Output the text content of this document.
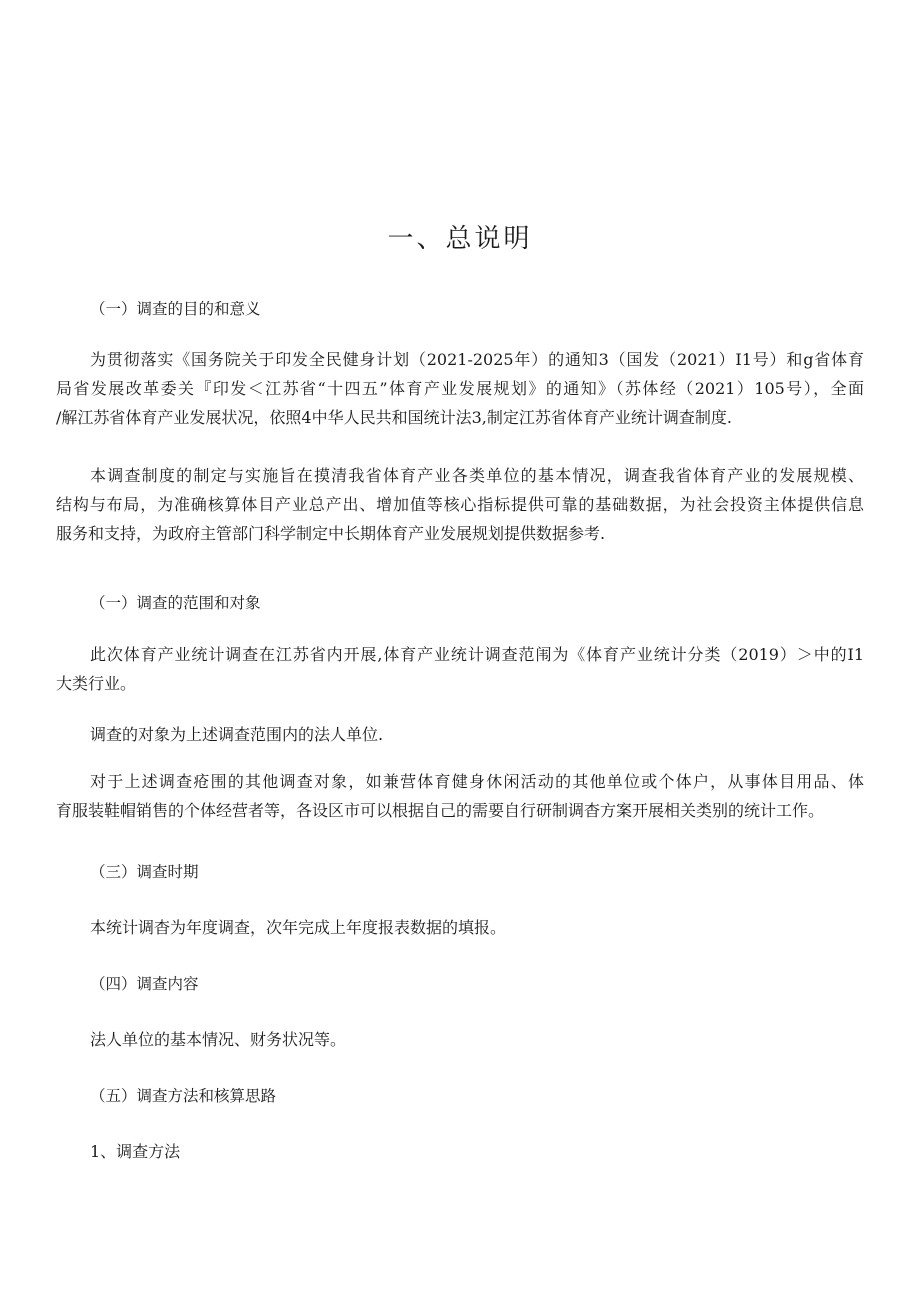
一、总说明

（一）调查的目的和意义

为贯彻落实《国务院关于印发全民健身计划（2021-2025年）的通知3（国发（2021）I1号）和g省体育
局省发展改革委关『印发＜江苏省“十四五”体育产业发展规划》的通知》（苏体经（2021）105号），全面
/解江苏省体育产业发展状况，依照4中华人民共和国统计法3,制定江苏省体育产业统计调查制度.
本调查制度的制定与实施旨在摸清我省体育产业各类单位的基本情况，调查我省体育产业的发展规模、
结构与布局，为准确核算体目产业总产出、增加值等核心指标提供可靠的基础数据，为社会投资主体提供信息
服务和支持，为政府主管部门科学制定中长期体育产业发展规划提供数据参考.

（一）调查的范围和对象

此次体育产业统计调查在江苏省内开展,体育产业统计调查范闱为《体育产业统计分类（2019）＞中的I1
大类行业。

调查的对象为上述调查范围内的法人单位.

对于上述调查疮围的其他调查对象，如兼营体育健身休闲活动的其他单位或个体户，从事体目用品、体
育服装鞋帽销售的个体经营者等，各设区市可以根据自己的需要自行研制调杳方案开展相关类别的统计工作。

（三）调查时期

本统计调杳为年度调查，次年完成上年度报表数据的填报。

（四）调查内容

法人单位的基本情况、财务状况等。

（五）调查方法和核算思路

1、调查方法
